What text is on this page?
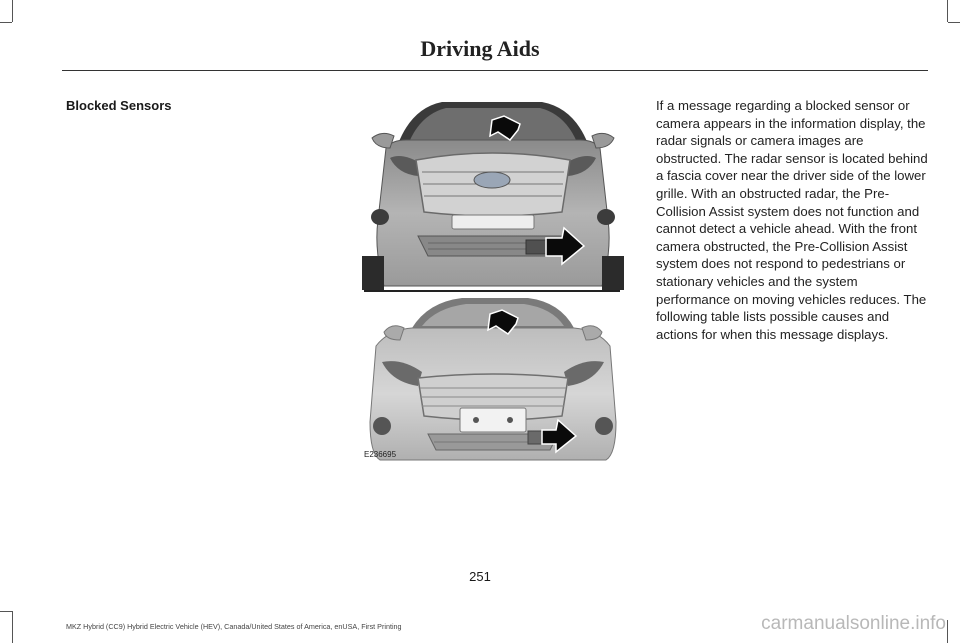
Driving Aids
Blocked Sensors
E236695
If a message regarding a blocked sensor or camera appears in the information display, the radar signals or camera images are obstructed. The radar sensor is located behind a fascia cover near the driver side of the lower grille. With an obstructed radar, the Pre-Collision Assist system does not function and cannot detect a vehicle ahead. With the front camera obstructed, the Pre-Collision Assist system does not respond to pedestrians or stationary vehicles and the system performance on moving vehicles reduces. The following table lists possible causes and actions for when this message displays.
251
MKZ Hybrid (CC9) Hybrid Electric Vehicle (HEV), Canada/United States of America, enUSA, First Printing	carmanualsonline.info
